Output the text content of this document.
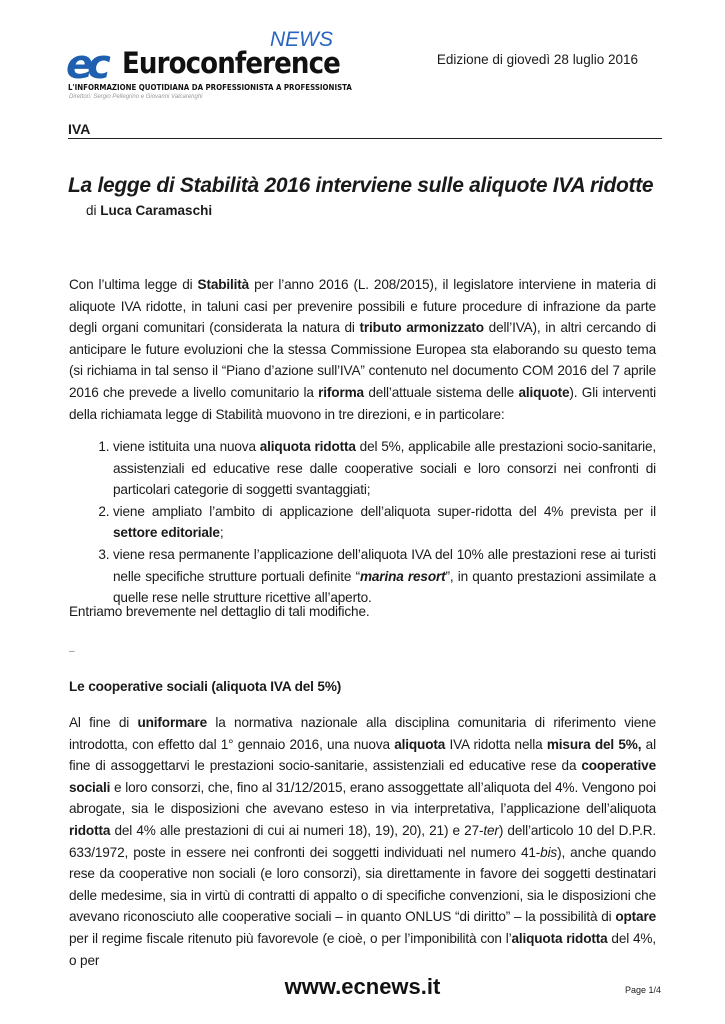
ec Euroconference
NEWS
L'INFORMAZIONE QUOTIDIANA DA PROFESSIONISTA A PROFESSIONISTA
Direttori: Sergio Pellegrino e Giovanni Valcarenghi
Edizione di giovedì 28 luglio 2016
IVA
La legge di Stabilità 2016 interviene sulle aliquote IVA ridotte
di Luca Caramaschi
Con l’ultima legge di Stabilità per l’anno 2016 (L. 208/2015), il legislatore interviene in materia di aliquote IVA ridotte, in taluni casi per prevenire possibili e future procedure di infrazione da parte degli organi comunitari (considerata la natura di tributo armonizzato dell’IVA), in altri cercando di anticipare le future evoluzioni che la stessa Commissione Europea sta elaborando su questo tema (si richiama in tal senso il “Piano d’azione sull’IVA” contenuto nel documento COM 2016 del 7 aprile 2016 che prevede a livello comunitario la riforma dell’attuale sistema delle aliquote). Gli interventi della richiamata legge di Stabilità muovono in tre direzioni, e in particolare:
1. viene istituita una nuova aliquota ridotta del 5%, applicabile alle prestazioni socio-sanitarie, assistenziali ed educative rese dalle cooperative sociali e loro consorzi nei confronti di particolari categorie di soggetti svantaggiati;
2. viene ampliato l’ambito di applicazione dell’aliquota super-ridotta del 4% prevista per il settore editoriale;
3. viene resa permanente l’applicazione dell’aliquota IVA del 10% alle prestazioni rese ai turisti nelle specifiche strutture portuali definite “marina resort”, in quanto prestazioni assimilate a quelle rese nelle strutture ricettive all’aperto.
Entriamo brevemente nel dettaglio di tali modifiche.
–
Le cooperative sociali (aliquota IVA del 5%)
Al fine di uniformare la normativa nazionale alla disciplina comunitaria di riferimento viene introdotta, con effetto dal 1° gennaio 2016, una nuova aliquota IVA ridotta nella misura del 5%, al fine di assoggettarvi le prestazioni socio-sanitarie, assistenziali ed educative rese da cooperative sociali e loro consorzi, che, fino al 31/12/2015, erano assoggettate all’aliquota del 4%. Vengono poi abrogate, sia le disposizioni che avevano esteso in via interpretativa, l’applicazione dell’aliquota ridotta del 4% alle prestazioni di cui ai numeri 18), 19), 20), 21) e 27-ter) dell’articolo 10 del D.P.R. 633/1972, poste in essere nei confronti dei soggetti individuati nel numero 41-bis), anche quando rese da cooperative non sociali (e loro consorzi), sia direttamente in favore dei soggetti destinatari delle medesime, sia in virtù di contratti di appalto o di specifiche convenzioni, sia le disposizioni che avevano riconosciuto alle cooperative sociali – in quanto ONLUS “di diritto” – la possibilità di optare per il regime fiscale ritenuto più favorevole (e cioè, o per l’imponibilità con l’aliquota ridotta del 4%, o per
www.ecnews.it	Page 1/4
